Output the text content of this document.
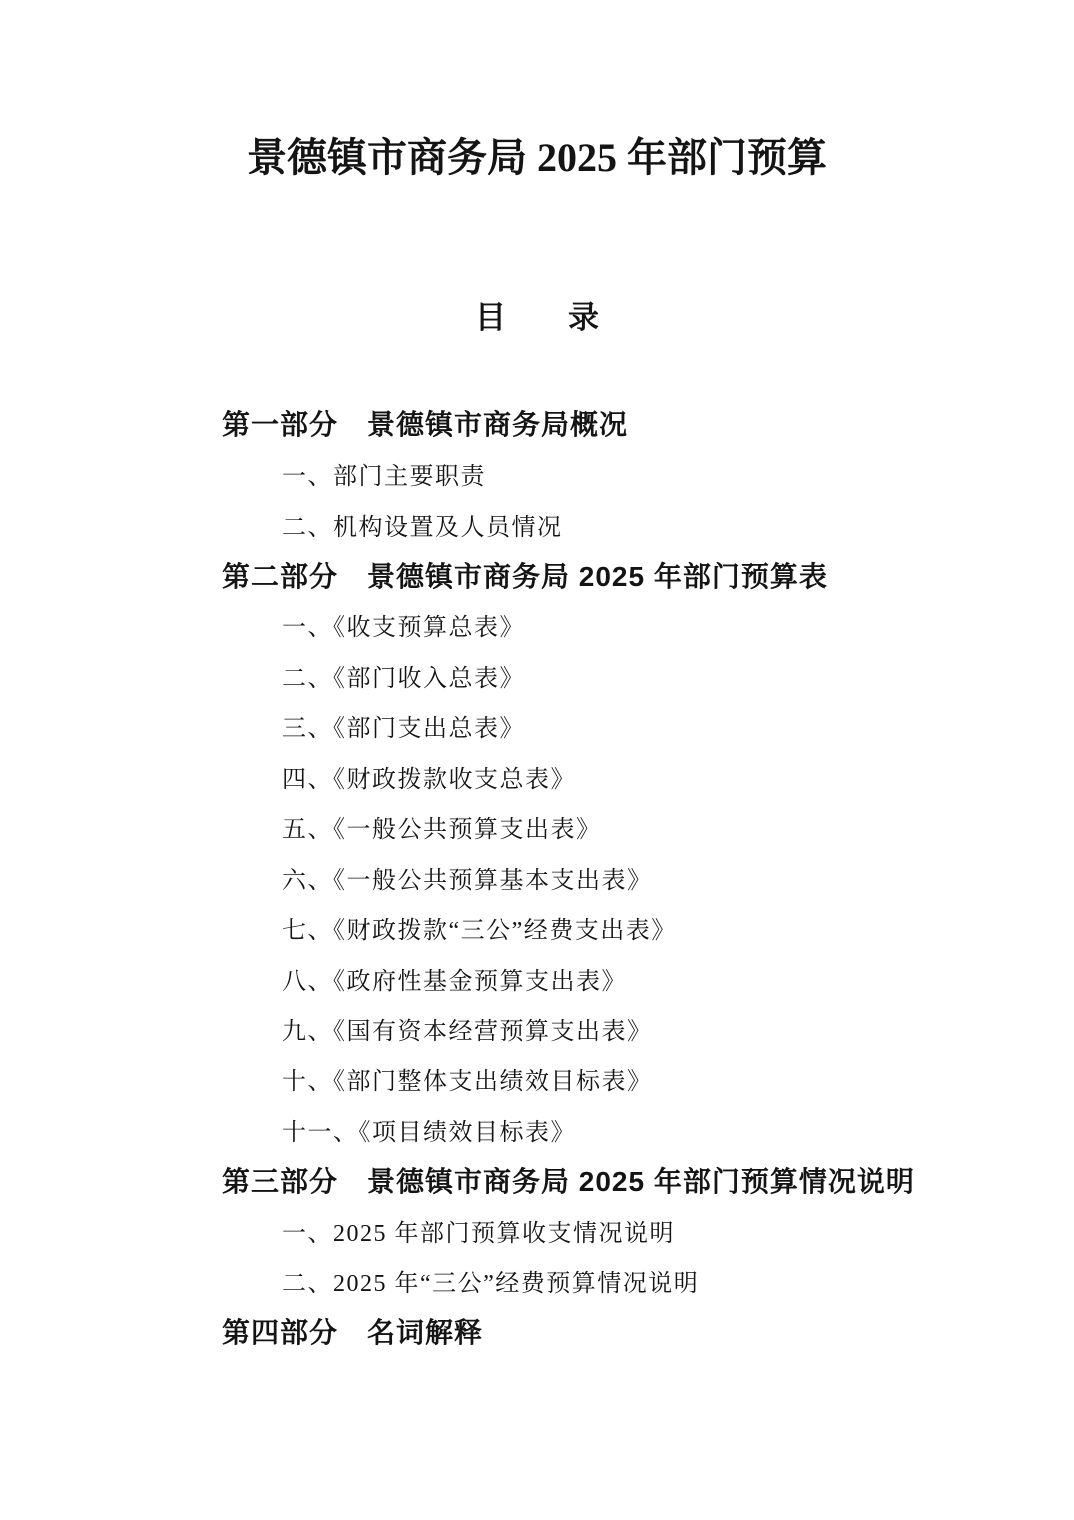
景德镇市商务局 2025 年部门预算
目　　录
第一部分　景德镇市商务局概况
一、部门主要职责
二、机构设置及人员情况
第二部分　景德镇市商务局 2025 年部门预算表
一、《收支预算总表》
二、《部门收入总表》
三、《部门支出总表》
四、《财政拨款收支总表》
五、《一般公共预算支出表》
六、《一般公共预算基本支出表》
七、《财政拨款“三公”经费支出表》
八、《政府性基金预算支出表》
九、《国有资本经营预算支出表》
十、《部门整体支出绩效目标表》
十一、《项目绩效目标表》
第三部分　景德镇市商务局 2025 年部门预算情况说明
一、2025 年部门预算收支情况说明
二、2025 年“三公”经费预算情况说明
第四部分　名词解释
